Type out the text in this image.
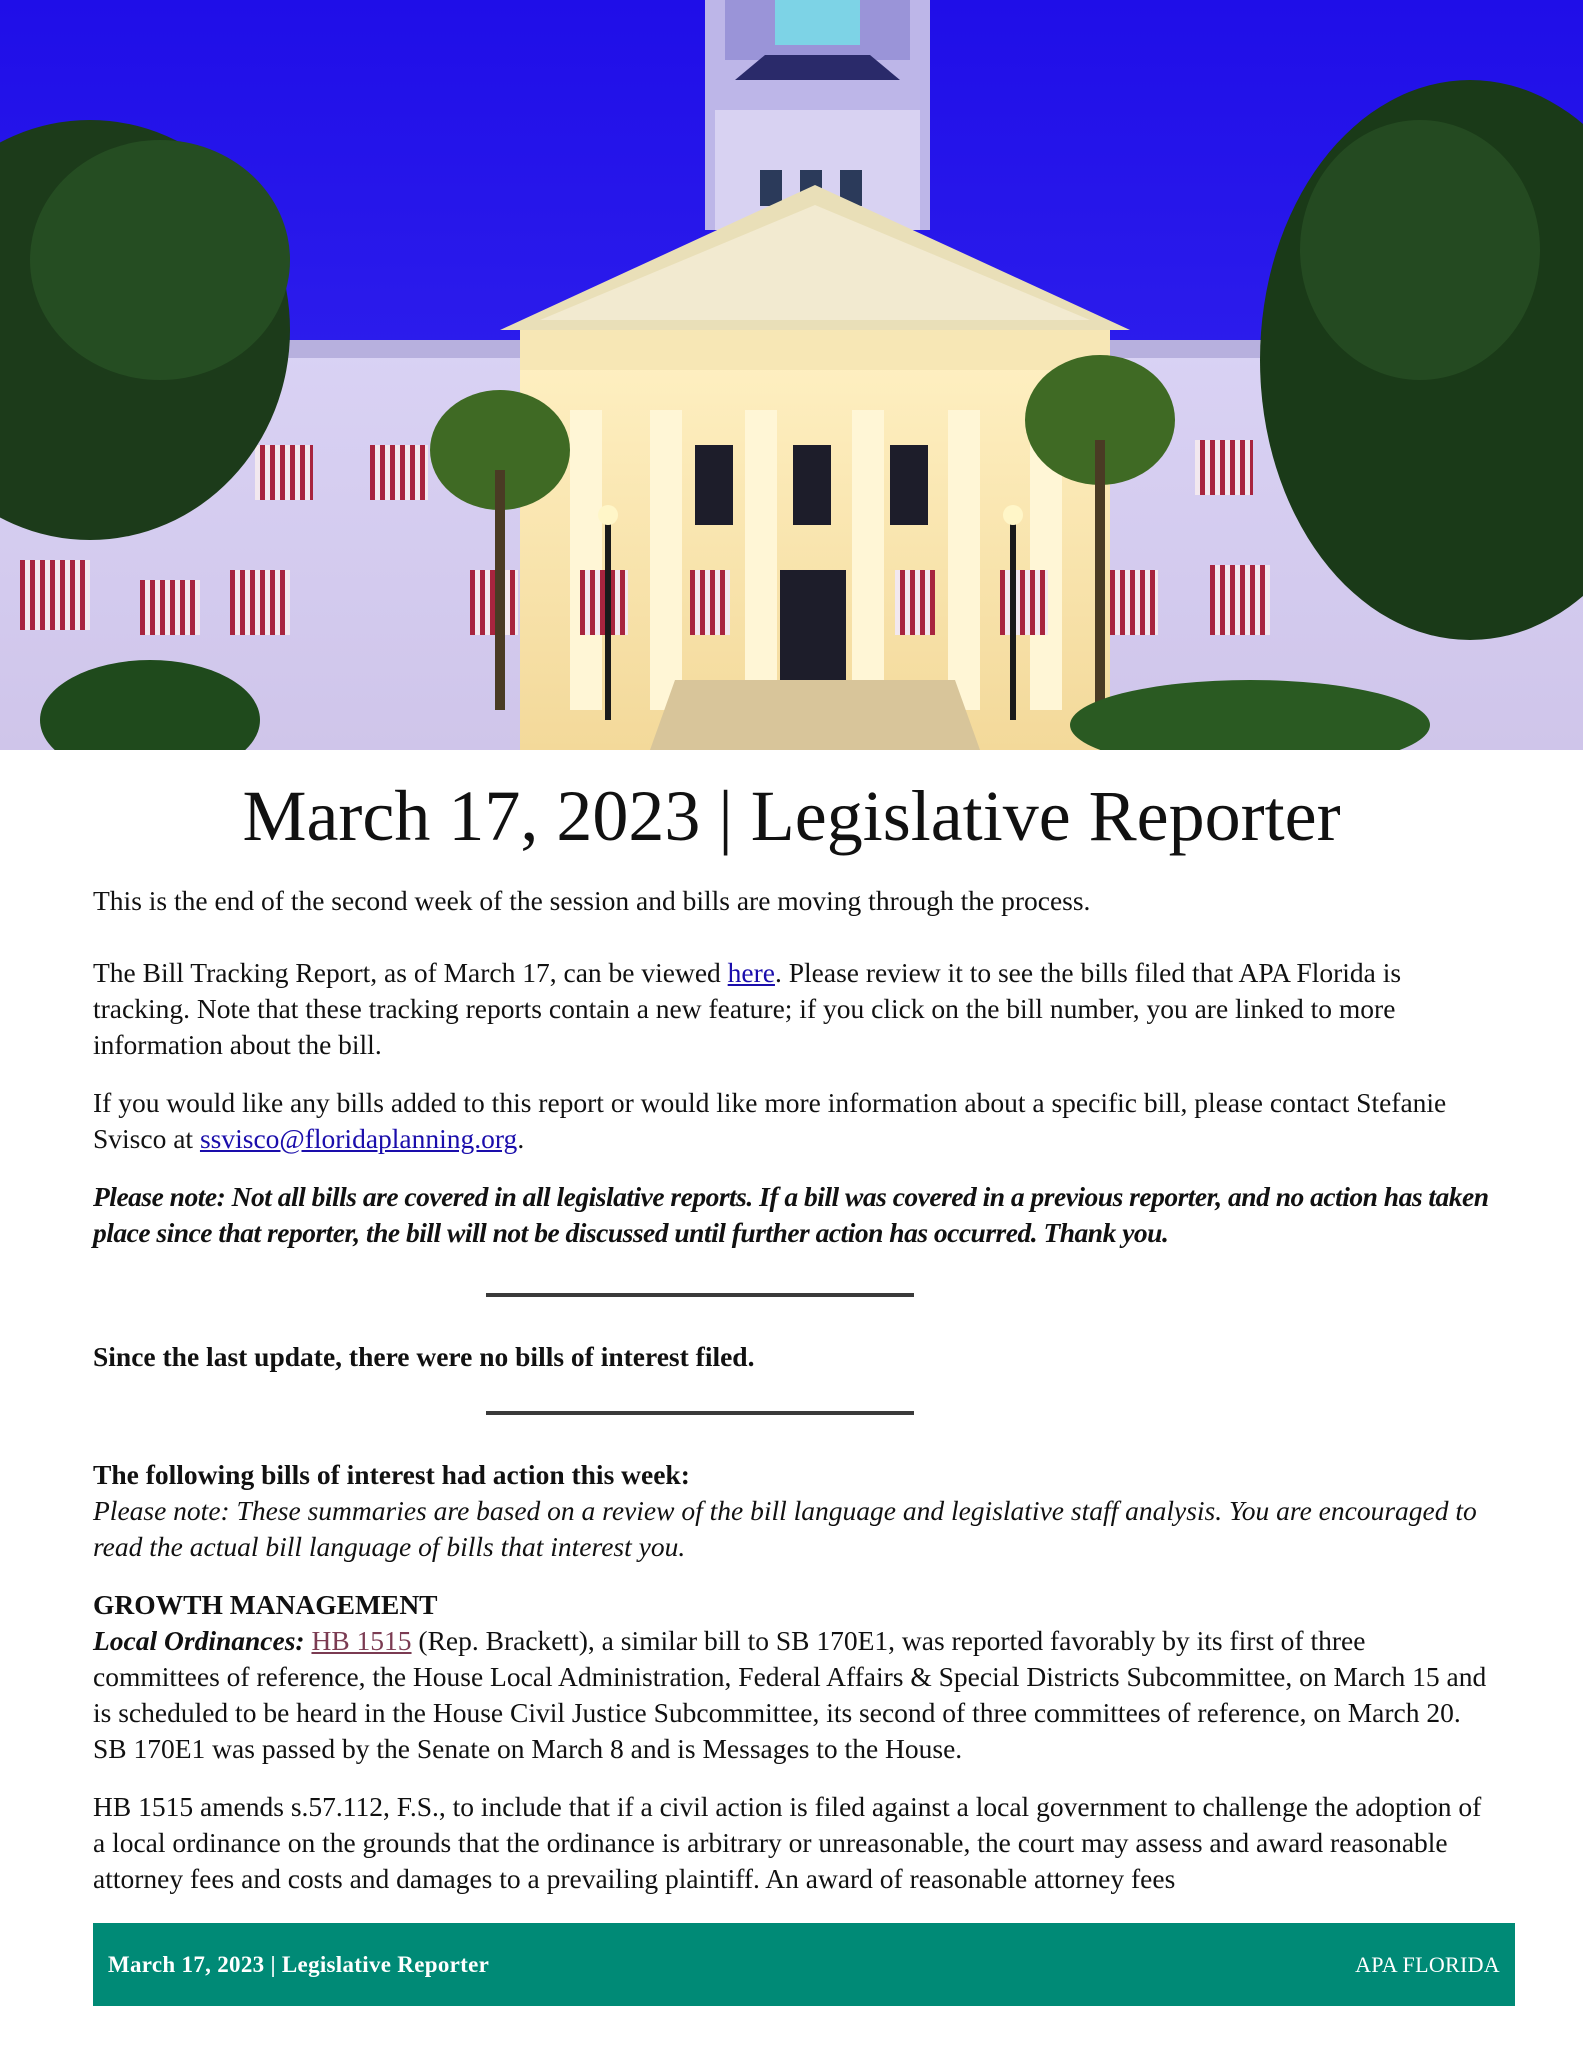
March 17, 2023 | Legislative Reporter

This is the end of the second week of the session and bills are moving through the process.

The Bill Tracking Report, as of March 17, can be viewed here. Please review it to see the bills filed that APA Florida is tracking. Note that these tracking reports contain a new feature; if you click on the bill number, you are linked to more information about the bill.

If you would like any bills added to this report or would like more information about a specific bill, please contact Stefanie Svisco at ssvisco@floridaplanning.org.

Please note: Not all bills are covered in all legislative reports. If a bill was covered in a previous reporter, and no action has taken place since that reporter, the bill will not be discussed until further action has occurred. Thank you.

Since the last update, there were no bills of interest filed.

The following bills of interest had action this week:

Please note: These summaries are based on a review of the bill language and legislative staff analysis. You are encouraged to read the actual bill language of bills that interest you.

GROWTH MANAGEMENT

Local Ordinances: HB 1515 (Rep. Brackett), a similar bill to SB 170E1, was reported favorably by its first of three committees of reference, the House Local Administration, Federal Affairs & Special Districts Subcommittee, on March 15 and is scheduled to be heard in the House Civil Justice Subcommittee, its second of three committees of reference, on March 20. SB 170E1 was passed by the Senate on March 8 and is Messages to the House.

HB 1515 amends s.57.112, F.S., to include that if a civil action is filed against a local government to challenge the adoption of a local ordinance on the grounds that the ordinance is arbitrary or unreasonable, the court may assess and award reasonable attorney fees and costs and damages to a prevailing plaintiff. An award of reasonable attorney fees

March 17, 2023 | Legislative Reporter	APA FLORIDA
